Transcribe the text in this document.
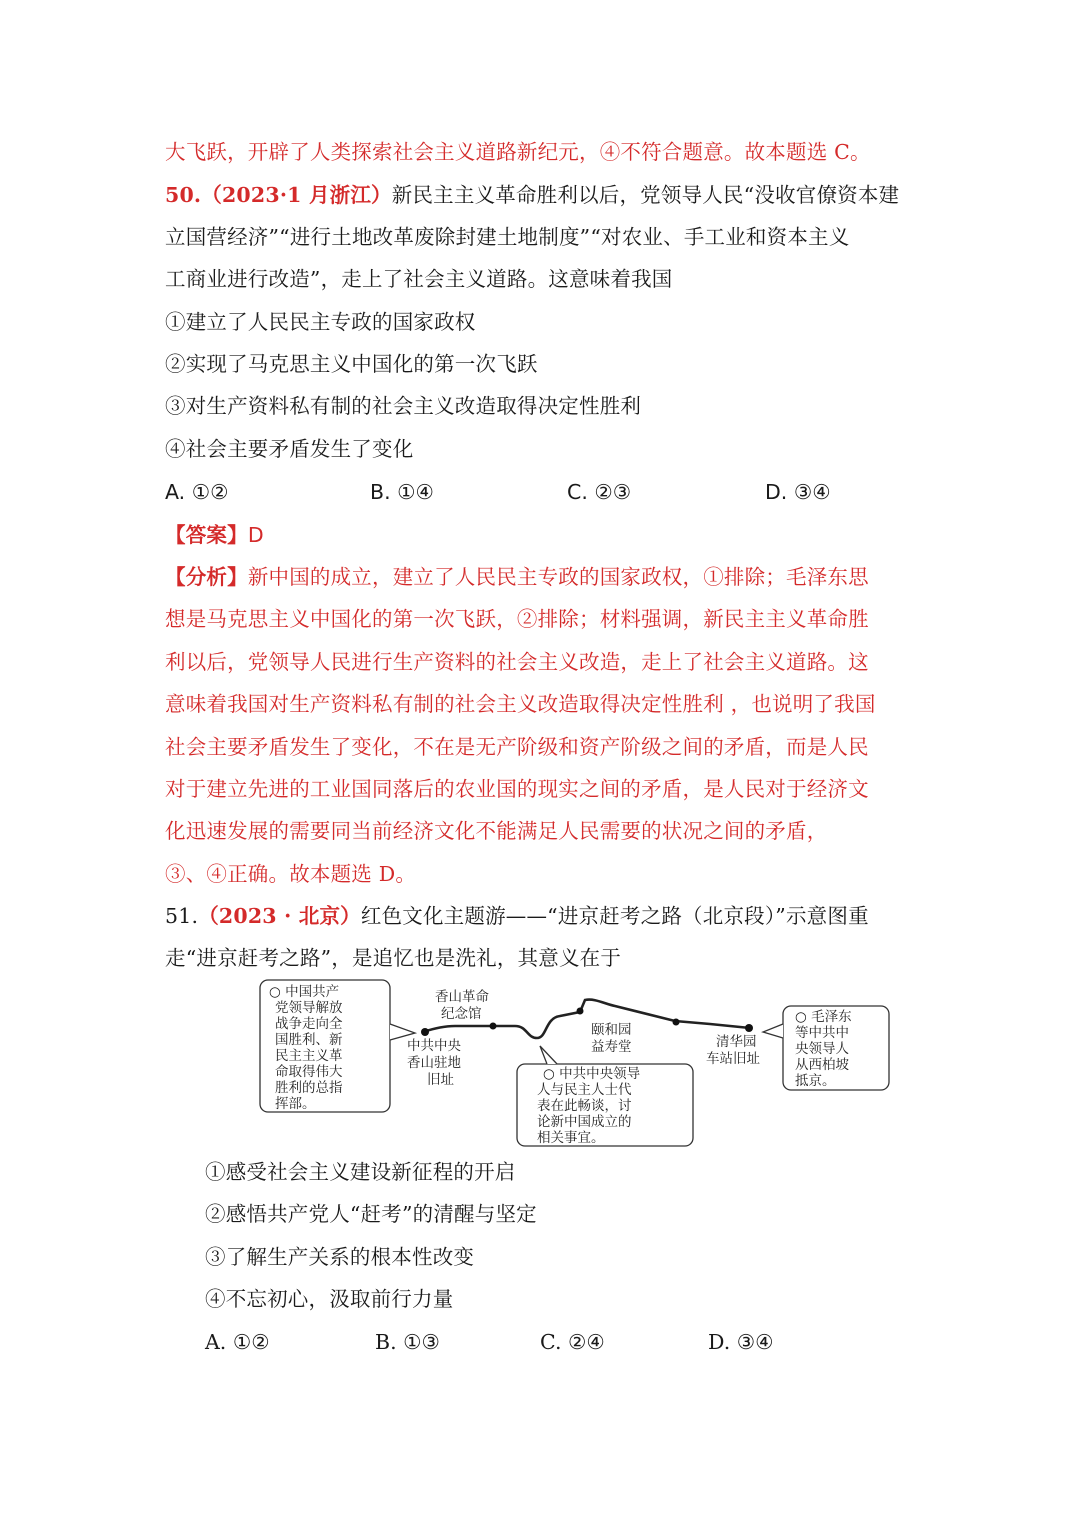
大飞跃，开辟了人类探索社会主义道路新纪元，④不符合题意。故本题选 C。
50.（2023·1 月浙江）新民主主义革命胜利以后，党领导人民“没收官僚资本建
立国营经济”“进行土地改革废除封建土地制度”“对农业、手工业和资本主义
工商业进行改造”，走上了社会主义道路。这意味着我国
①建立了人民民主专政的国家政权
②实现了马克思主义中国化的第一次飞跃
③对生产资料私有制的社会主义改造取得决定性胜利
④社会主要矛盾发生了变化
A. ①②	B. ①④	C. ②③	D. ③④
【答案】D
【分析】新中国的成立，建立了人民民主专政的国家政权，①排除；毛泽东思
想是马克思主义中国化的第一次飞跃，②排除；材料强调，新民主主义革命胜
利以后，党领导人民进行生产资料的社会主义改造，走上了社会主义道路。这
意味着我国对生产资料私有制的社会主义改造取得决定性胜利 ，也说明了我国
社会主要矛盾发生了变化，不在是无产阶级和资产阶级之间的矛盾，而是人民
对于建立先进的工业国同落后的农业国的现实之间的矛盾，是人民对于经济文
化迅速发展的需要同当前经济文化不能满足人民需要的状况之间的矛盾，
③、④正确。故本题选 D。
51.（2023 · 北京）红色文化主题游——“进京赶考之路（北京段）”示意图重
走“进京赶考之路”，是追忆也是洗礼，其意义在于
○ 中国共产
党领导解放
战争走向全
国胜利、新
民主主义革
命取得伟大
胜利的总指
挥部。
香山革命
纪念馆
中共中央
香山驻地
旧址
颐和园
益寿堂	清华园
车站旧址
○ 中共中央领导
人与民主人士代
表在此畅谈，讨
论新中国成立的
相关事宜。
○ 毛泽东
等中共中
央领导人
从西柏坡
抵京。
①感受社会主义建设新征程的开启
②感悟共产党人“赶考”的清醒与坚定
③了解生产关系的根本性改变
④不忘初心，汲取前行力量
A. ①②	B. ①③	C. ②④	D. ③④
